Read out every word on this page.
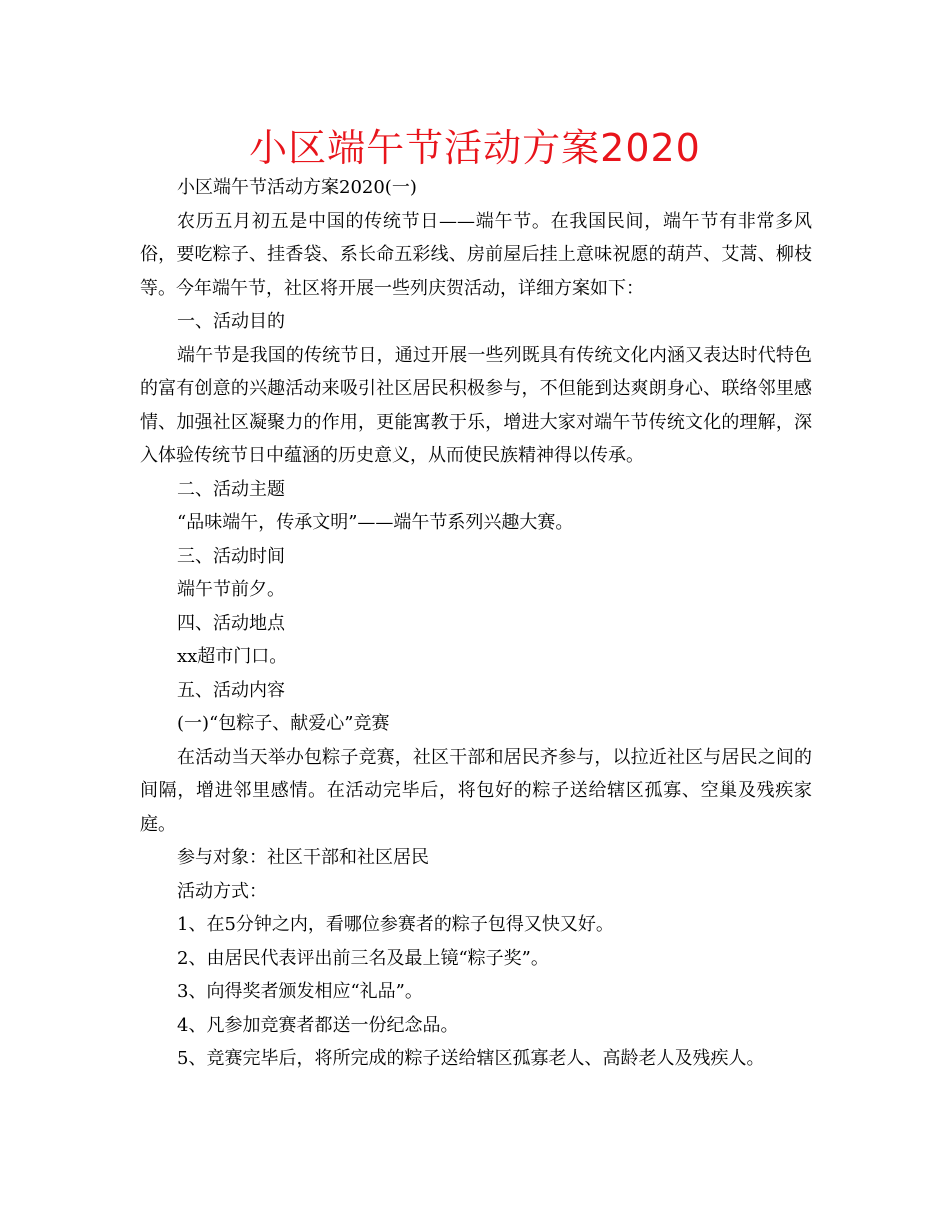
小区端午节活动方案2020

小区端午节活动方案2020(一)

农历五月初五是中国的传统节日——端午节。在我国民间，端午节有非常多风俗，要吃粽子、挂香袋、系长命五彩线、房前屋后挂上意味祝愿的葫芦、艾蒿、柳枝等。今年端午节，社区将开展一些列庆贺活动，详细方案如下：

一、活动目的

端午节是我国的传统节日，通过开展一些列既具有传统文化内涵又表达时代特色的富有创意的兴趣活动来吸引社区居民积极参与，不但能到达爽朗身心、联络邻里感情、加强社区凝聚力的作用，更能寓教于乐，增进大家对端午节传统文化的理解，深入体验传统节日中蕴涵的历史意义，从而使民族精神得以传承。

二、活动主题

“品味端午，传承文明”——端午节系列兴趣大赛。

三、活动时间

端午节前夕。

四、活动地点

xx超市门口。

五、活动内容

(一)“包粽子、献爱心”竞赛

在活动当天举办包粽子竞赛，社区干部和居民齐参与，以拉近社区与居民之间的间隔，增进邻里感情。在活动完毕后，将包好的粽子送给辖区孤寡、空巢及残疾家庭。

参与对象：社区干部和社区居民

活动方式：

1、在5分钟之内，看哪位参赛者的粽子包得又快又好。

2、由居民代表评出前三名及最上镜“粽子奖”。

3、向得奖者颁发相应“礼品”。

4、凡参加竞赛者都送一份纪念品。

5、竞赛完毕后，将所完成的粽子送给辖区孤寡老人、高龄老人及残疾人。
